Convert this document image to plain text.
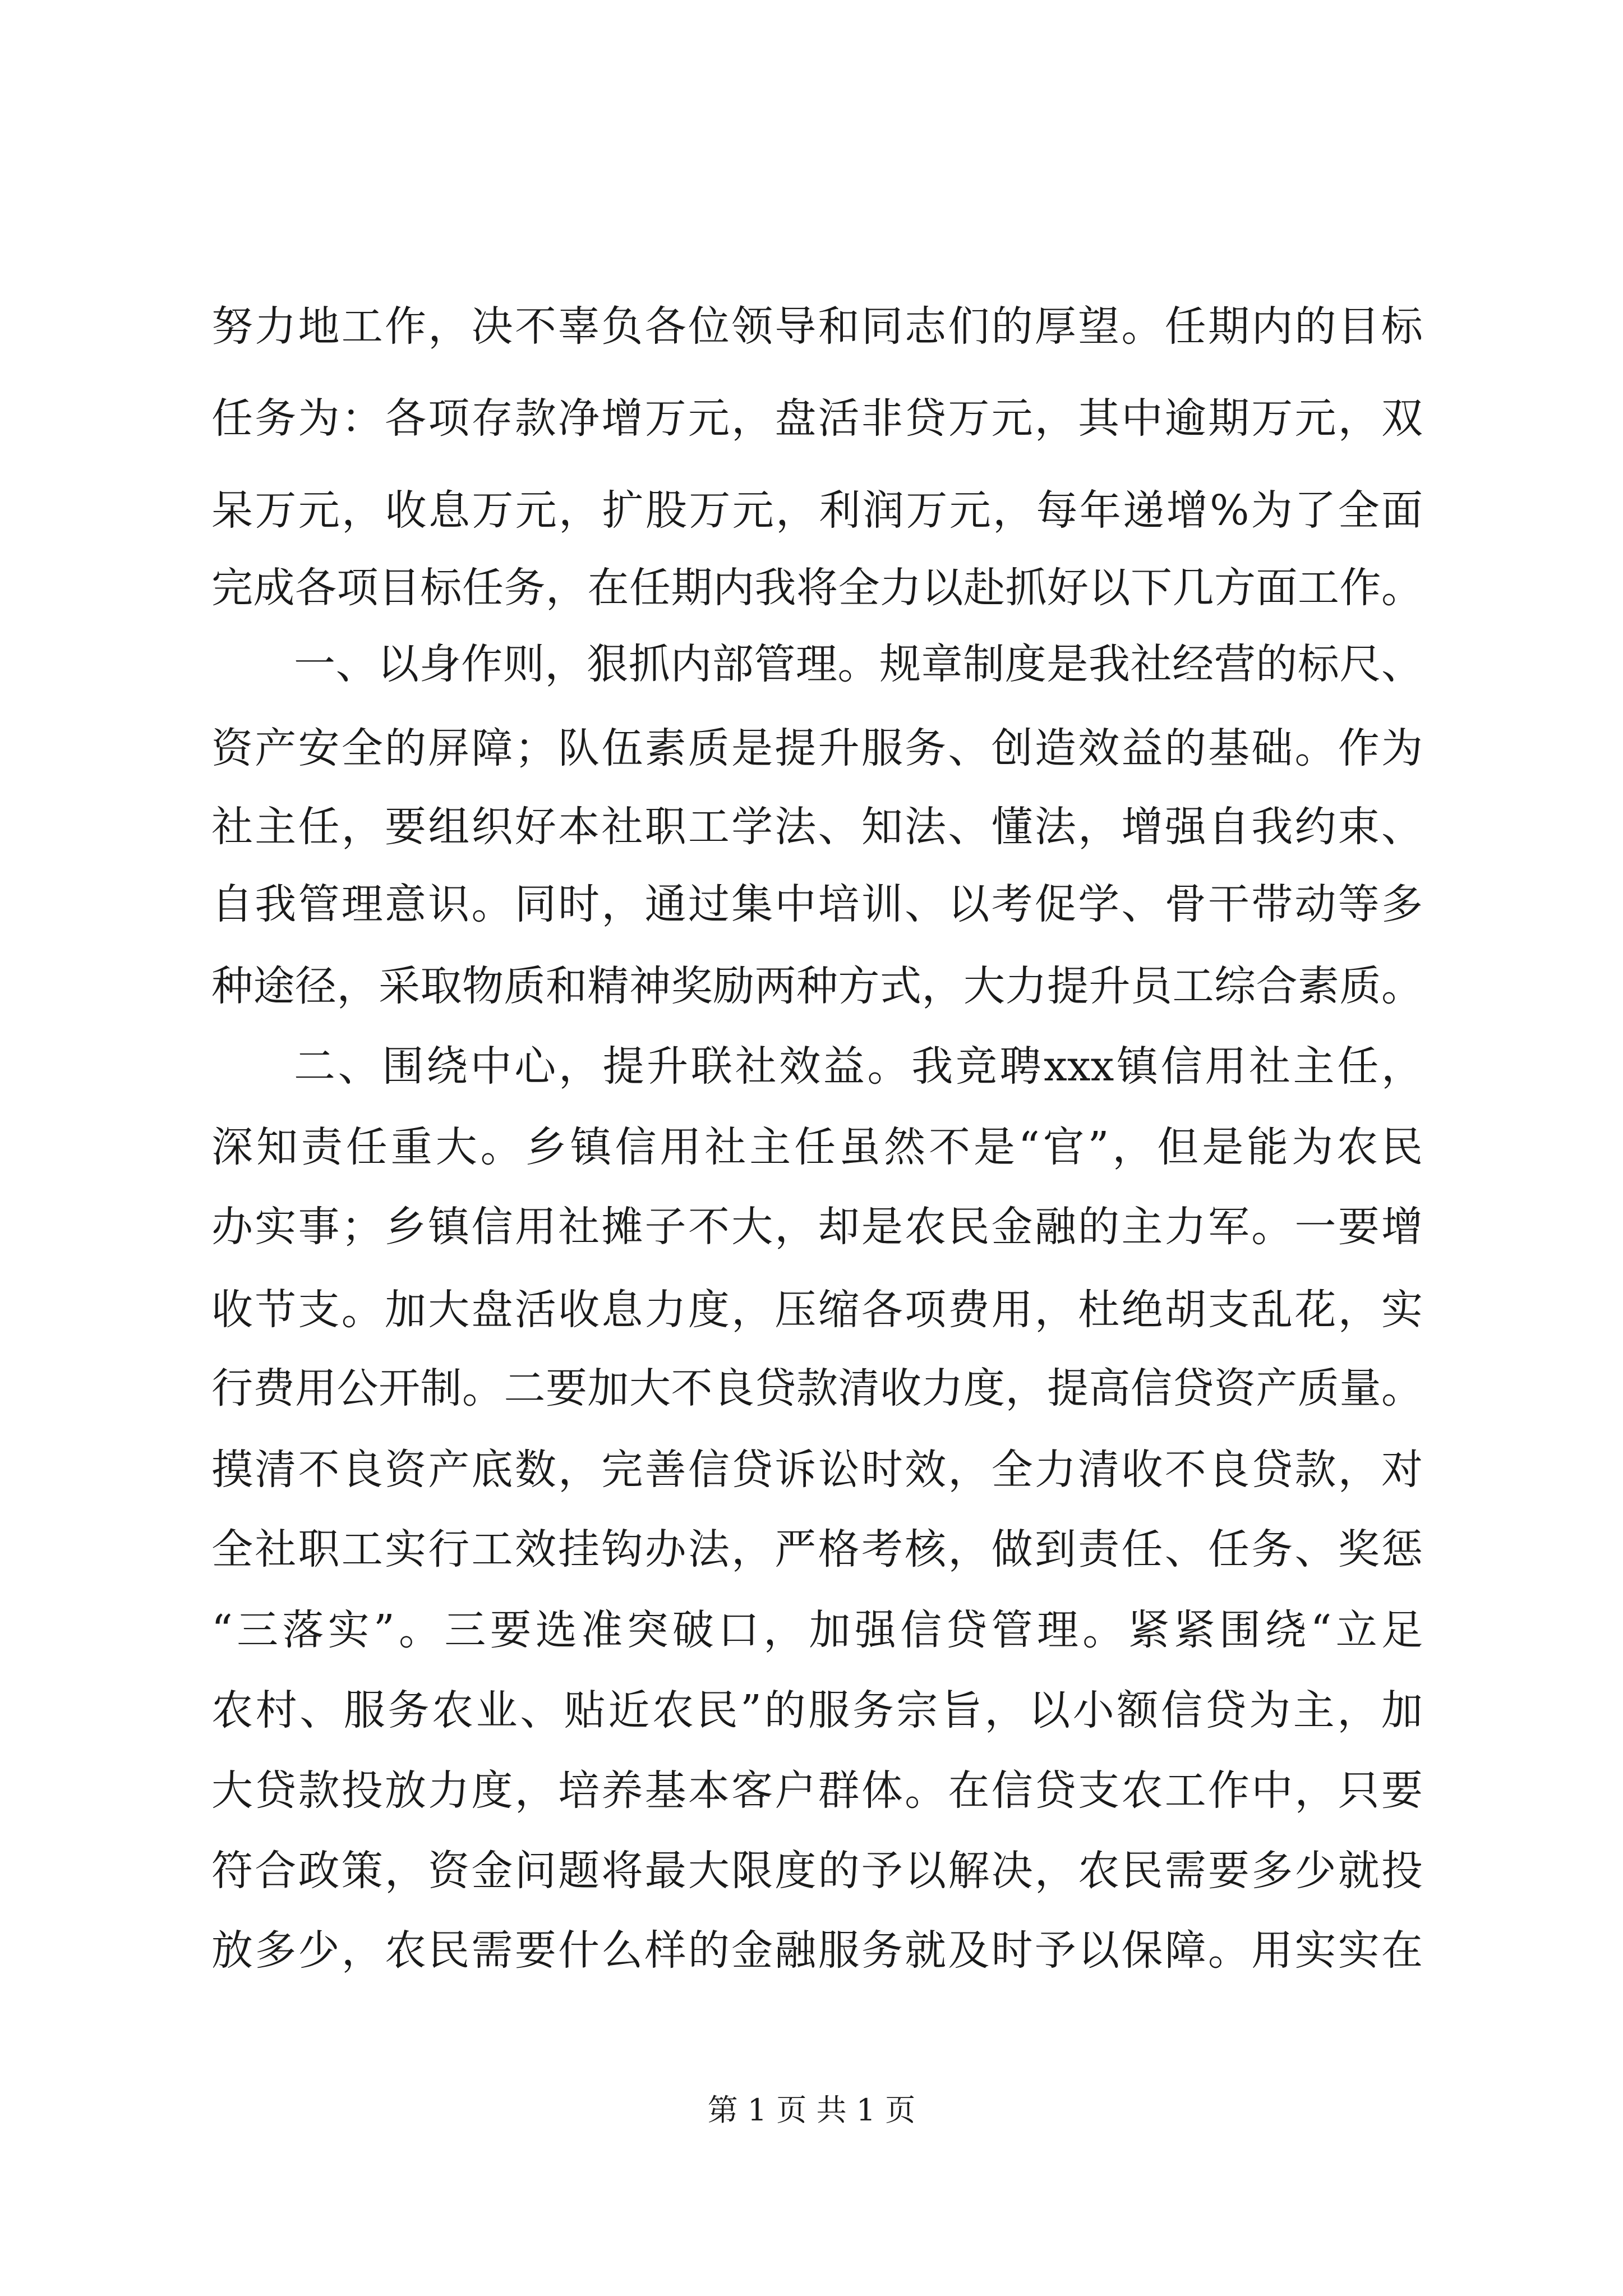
努力地工作，决不辜负各位领导和同志们的厚望。任期内的目标
任务为：各项存款净增万元，盘活非贷万元，其中逾期万元，双
呆万元，收息万元，扩股万元，利润万元，每年递增%为了全面
完成各项目标任务，在任期内我将全力以赴抓好以下几方面工作。
一、以身作则，狠抓内部管理。规章制度是我社经营的标尺、
资产安全的屏障；队伍素质是提升服务、创造效益的基础。作为
社主任，要组织好本社职工学法、知法、懂法，增强自我约束、
自我管理意识。同时，通过集中培训、以考促学、骨干带动等多
种途径，采取物质和精神奖励两种方式，大力提升员工综合素质。
二、围绕中心，提升联社效益。我竞聘xxx镇信用社主任，
深知责任重大。乡镇信用社主任虽然不是“官”，但是能为农民
办实事；乡镇信用社摊子不大，却是农民金融的主力军。一要增
收节支。加大盘活收息力度，压缩各项费用，杜绝胡支乱花，实
行费用公开制。二要加大不良贷款清收力度，提高信贷资产质量。
摸清不良资产底数，完善信贷诉讼时效，全力清收不良贷款，对
全社职工实行工效挂钩办法，严格考核，做到责任、任务、奖惩
“三落实”。三要选准突破口，加强信贷管理。紧紧围绕“立足
农村、服务农业、贴近农民”的服务宗旨，以小额信贷为主，加
大贷款投放力度，培养基本客户群体。在信贷支农工作中，只要
符合政策，资金问题将最大限度的予以解决，农民需要多少就投
放多少，农民需要什么样的金融服务就及时予以保障。用实实在
第 1 页 共 1 页
